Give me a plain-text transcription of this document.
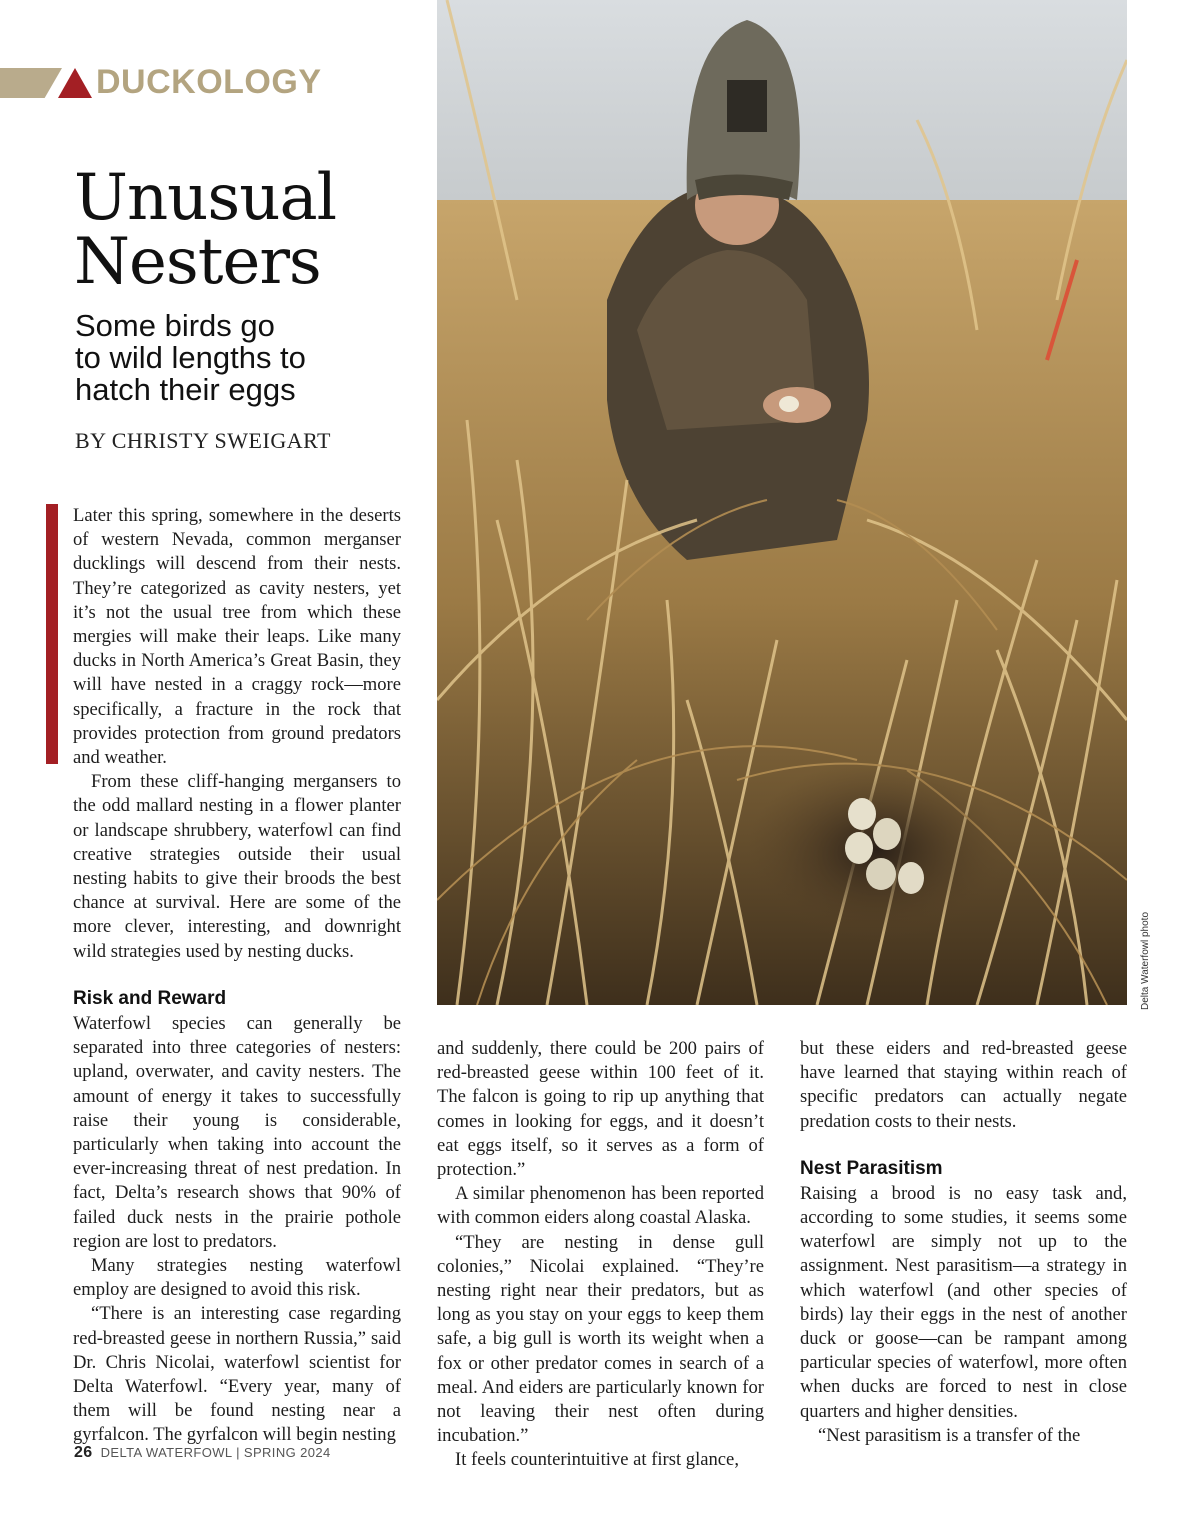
DUCKOLOGY
Unusual
Nesters
Some birds go
to wild lengths to
hatch their eggs
BY CHRISTY SWEIGART

Later this spring, somewhere in the deserts of western Nevada, common merganser ducklings will descend from their nests. They’re categorized as cavity nesters, yet it’s not the usual tree from which these mergies will make their leaps. Like many ducks in North America’s Great Basin, they will have nested in a craggy rock—more specifically, a fracture in the rock that provides protection from ground predators and weather.

From these cliff-hanging mergansers to the odd mallard nesting in a flower planter or landscape shrubbery, waterfowl can find creative strategies outside their usual nesting habits to give their broods the best chance at survival. Here are some of the more clever, interesting, and downright wild strategies used by nesting ducks.

Risk and Reward

Waterfowl species can generally be separated into three categories of nesters: upland, overwater, and cavity nesters. The amount of energy it takes to successfully raise their young is considerable, particularly when taking into account the ever-increasing threat of nest predation. In fact, Delta’s research shows that 90% of failed duck nests in the prairie pothole region are lost to predators.

Many strategies nesting waterfowl employ are designed to avoid this risk.

“There is an interesting case regarding red-breasted geese in northern Russia,” said Dr. Chris Nicolai, waterfowl scientist for Delta Waterfowl. “Every year, many of them will be found nesting near a gyrfalcon. The gyrfalcon will begin nesting

and suddenly, there could be 200 pairs of red-breasted geese within 100 feet of it. The falcon is going to rip up anything that comes in looking for eggs, and it doesn’t eat eggs itself, so it serves as a form of protection.”

A similar phenomenon has been reported with common eiders along coastal Alaska.

“They are nesting in dense gull colonies,” Nicolai explained. “They’re nesting right near their predators, but as long as you stay on your eggs to keep them safe, a big gull is worth its weight when a fox or other predator comes in search of a meal. And eiders are particularly known for not leaving their nest often during incubation.”

It feels counterintuitive at first glance,

but these eiders and red-breasted geese have learned that staying within reach of specific predators can actually negate predation costs to their nests.

Nest Parasitism

Raising a brood is no easy task and, according to some studies, it seems some waterfowl are simply not up to the assignment. Nest parasitism—a strategy in which waterfowl (and other species of birds) lay their eggs in the nest of another duck or goose—can be rampant among particular species of waterfowl, more often when ducks are forced to nest in close quarters and higher densities.

“Nest parasitism is a transfer of the

Delta Waterfowl photo
26 DELTA WATERFOWL | SPRING 2024
